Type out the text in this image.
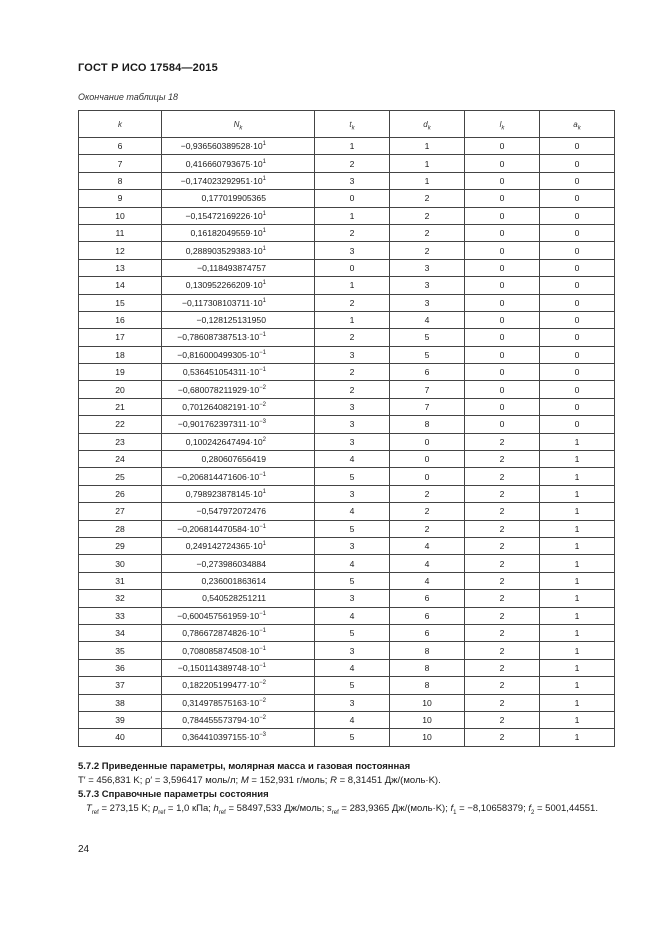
ГОСТ Р ИСО 17584—2015
Окончание таблицы 18
k	$N_k$	$t_k$	$d_k$	$l_k$	$a_k$
6	$-0,936560389528\cdot 10^1$	1	1	0	0
7	$0,416660793675\cdot 10^1$	2	1	0	0
8	$-0,174023292951\cdot 10^1$	3	1	0	0
9	0,177019905365	0	2	0	0
10	$-0,15472169226\cdot 10^1$	1	2	0	0
11	$0,16182049559\cdot 10^1$	2	2	0	0
12	$0,288903529383\cdot 10^1$	3	2	0	0
13	−0,118493874757	0	3	0	0
14	$0,130952266209\cdot 10^1$	1	3	0	0
15	$-0,117308103711\cdot 10^1$	2	3	0	0
16	−0,128125131950	1	4	0	0
17	$-0,786087387513\cdot 10^{-1}$	2	5	0	0
18	$-0,816000499305\cdot 10^{-1}$	3	5	0	0
19	$0,536451054311\cdot 10^{-1}$	2	6	0	0
20	$-0,680078211929\cdot 10^{-2}$	2	7	0	0
21	$0,701264082191\cdot 10^{-2}$	3	7	0	0
22	$-0,901762397311\cdot 10^{-3}$	3	8	0	0
23	$0,100242647494\cdot 10^2$	3	0	2	1
24	0,280607656419	4	0	2	1
25	$-0,206814471606\cdot 10^{-1}$	5	0	2	1
26	$0,798923878145\cdot 10^1$	3	2	2	1
27	−0,547972072476	4	2	2	1
28	$-0,206814470584\cdot 10^{-1}$	5	2	2	1
29	$0,249142724365\cdot 10^1$	3	4	2	1
30	−0,273986034884	4	4	2	1
31	0,236001863614	5	4	2	1
32	0,540528251211	3	6	2	1
33	$-0,600457561959\cdot 10^{-1}$	4	6	2	1
34	$0,786672874826\cdot 10^{-1}$	5	6	2	1
35	$0,708085874508\cdot 10^{-1}$	3	8	2	1
36	$-0,150114389748\cdot 10^{-1}$	4	8	2	1
37	$0,182205199477\cdot 10^{-2}$	5	8	2	1
38	$0,314978575163\cdot 10^{-2}$	3	10	2	1
39	$0,784455573794\cdot 10^{-2}$	4	10	2	1
40	$0,364410397155\cdot 10^{-3}$	5	10	2	1
5.7.2 Приведенные параметры, молярная масса и газовая постоянная
T′ = 456,831 K; ρ′ = 3,596417 моль/л; M = 152,931 г/моль; R = 8,31451 Дж/(моль·K).
5.7.3 Справочные параметры состояния
$T_{ref} = 273,15$ K; $p_{ref} = 1,0$ кПа; $h_{ref} = 58497,533$ Дж/моль; $s_{ref} = 283,9365$ Дж/(моль·K); $f_1 = -8,10658379$; $f_2 = 5001,44551$.
24
